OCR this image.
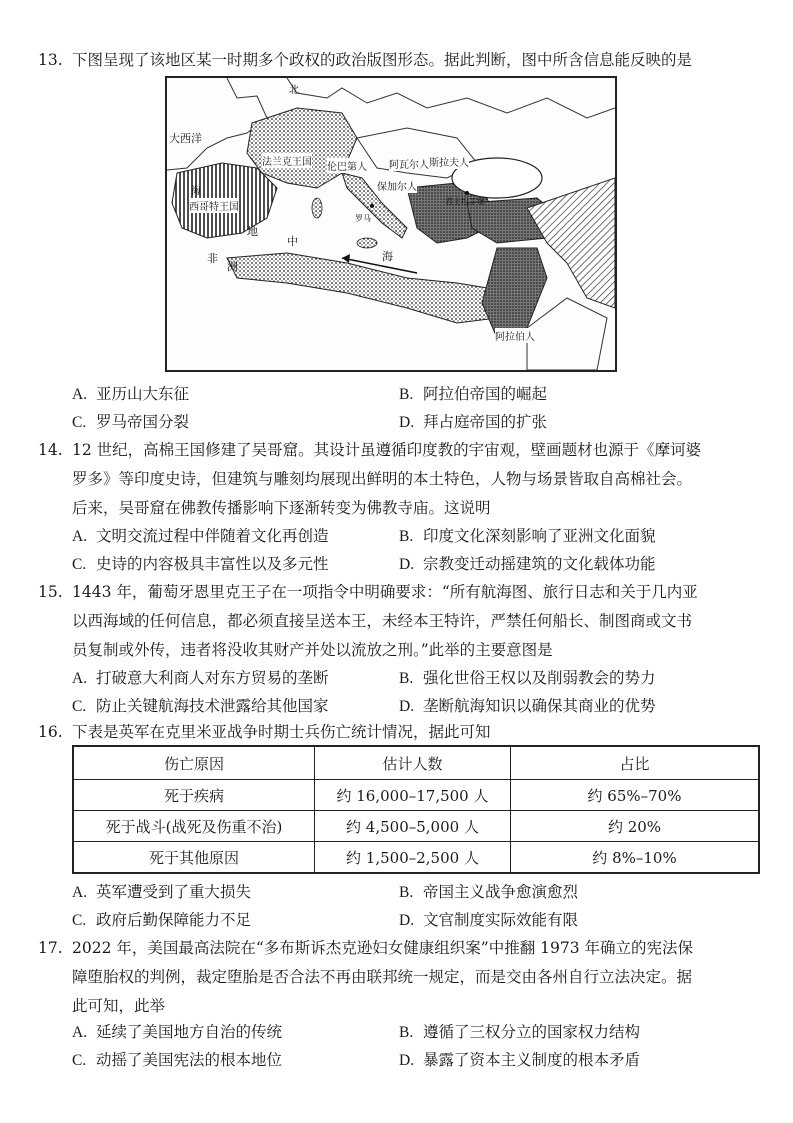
13. 下图呈现了该地区某一时期多个政权的政治版图形态。据此判断，图中所含信息能反映的是
大西洋
北
海
法兰克王国 伦巴第人 阿瓦尔人 斯拉夫人
保加尔人
西哥特王国
地
中
海
非
洲
阿拉伯人
罗马
君士坦丁堡
A. 亚历山大东征	B. 阿拉伯帝国的崛起
C. 罗马帝国分裂	D. 拜占庭帝国的扩张
14. 12 世纪，高棉王国修建了吴哥窟。其设计虽遵循印度教的宇宙观，壁画题材也源于《摩诃婆
罗多》等印度史诗，但建筑与雕刻均展现出鲜明的本土特色，人物与场景皆取自高棉社会。
后来，吴哥窟在佛教传播影响下逐渐转变为佛教寺庙。这说明
A. 文明交流过程中伴随着文化再创造	B. 印度文化深刻影响了亚洲文化面貌
C. 史诗的内容极具丰富性以及多元性	D. 宗教变迁动摇建筑的文化载体功能
15. 1443 年，葡萄牙恩里克王子在一项指令中明确要求：“所有航海图、旅行日志和关于几内亚
以西海域的任何信息，都必须直接呈送本王，未经本王特许，严禁任何船长、制图商或文书
员复制或外传，违者将没收其财产并处以流放之刑。”此举的主要意图是
A. 打破意大利商人对东方贸易的垄断	B. 强化世俗王权以及削弱教会的势力
C. 防止关键航海技术泄露给其他国家	D. 垄断航海知识以确保其商业的优势
16. 下表是英军在克里米亚战争时期士兵伤亡统计情况，据此可知
伤亡原因	估计人数	占比
死于疾病	约 16,000–17,500 人	约 65%–70%
死于战斗(战死及伤重不治)	约 4,500–5,000 人	约 20%
死于其他原因	约 1,500–2,500 人	约 8%–10%
A. 英军遭受到了重大损失	B. 帝国主义战争愈演愈烈
C. 政府后勤保障能力不足	D. 文官制度实际效能有限
17. 2022 年，美国最高法院在“多布斯诉杰克逊妇女健康组织案”中推翻 1973 年确立的宪法保
障堕胎权的判例，裁定堕胎是否合法不再由联邦统一规定，而是交由各州自行立法决定。据
此可知，此举
A. 延续了美国地方自治的传统	B. 遵循了三权分立的国家权力结构
C. 动摇了美国宪法的根本地位	D. 暴露了资本主义制度的根本矛盾
